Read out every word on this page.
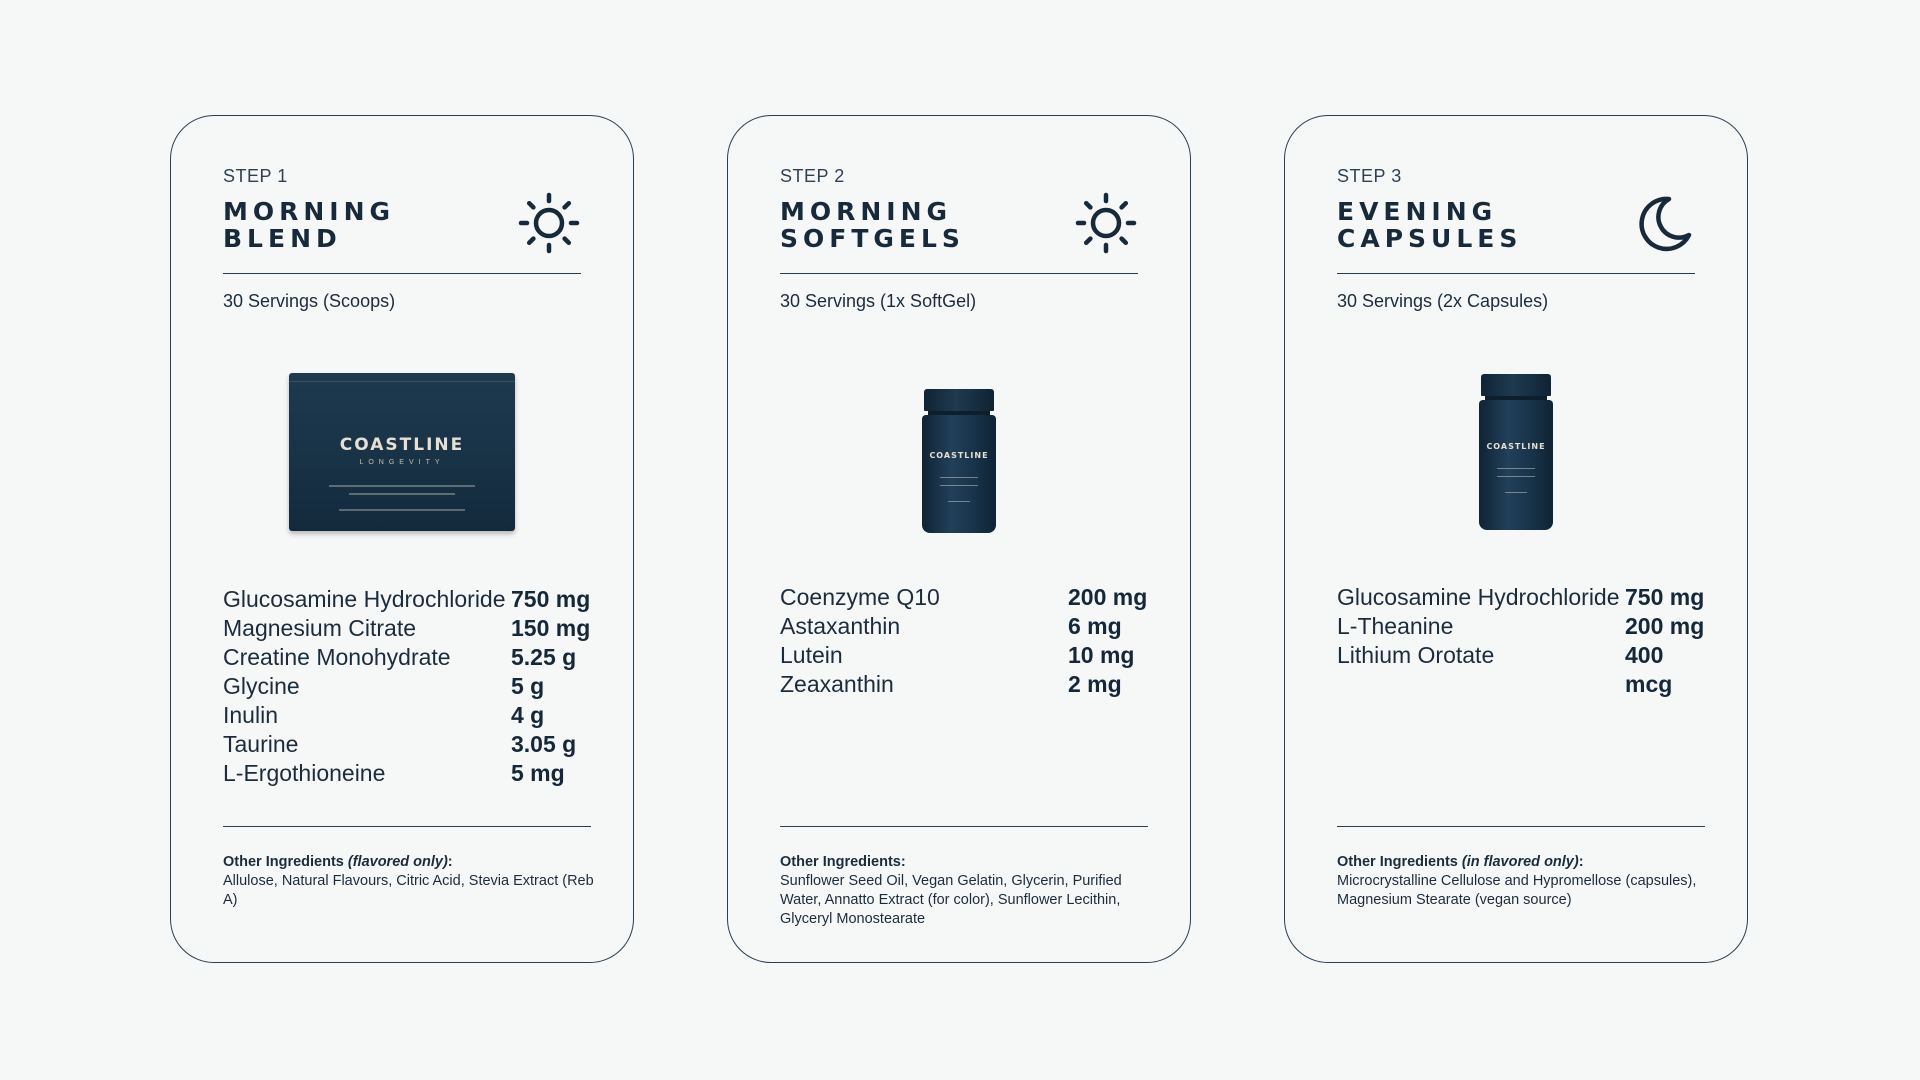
STEP 1
MORNING
BLEND
30 Servings (Scoops)
COASTLINE
LONGEVITY
Glucosamine Hydrochloride 750 mg
Magnesium Citrate	150 mg
Creatine Monohydrate	5.25 g
Glycine	5 g
Inulin	4 g
Taurine	3.05 g
L-Ergothioneine	5 mg
Other Ingredients (flavored only):
Allulose, Natural Flavours, Citric Acid, Stevia Extract (Reb A)
STEP 2
MORNING
SOFTGELS
30 Servings (1x SoftGel)
COASTLINE
Coenzyme Q10	200 mg
Astaxanthin	6 mg
Lutein	10 mg
Zeaxanthin	2 mg
Other Ingredients:
Sunflower Seed Oil, Vegan Gelatin, Glycerin, Purified Water, Annatto Extract (for color), Sunflower Lecithin, Glyceryl Monostearate
STEP 3
EVENING
CAPSULES
30 Servings (2x Capsules)
COASTLINE
Glucosamine Hydrochloride 750 mg
L-Theanine	200 mg
Lithium Orotate	400 mcg
Other Ingredients (in flavored only):
Microcrystalline Cellulose and Hypromellose (capsules), Magnesium Stearate (vegan source)
